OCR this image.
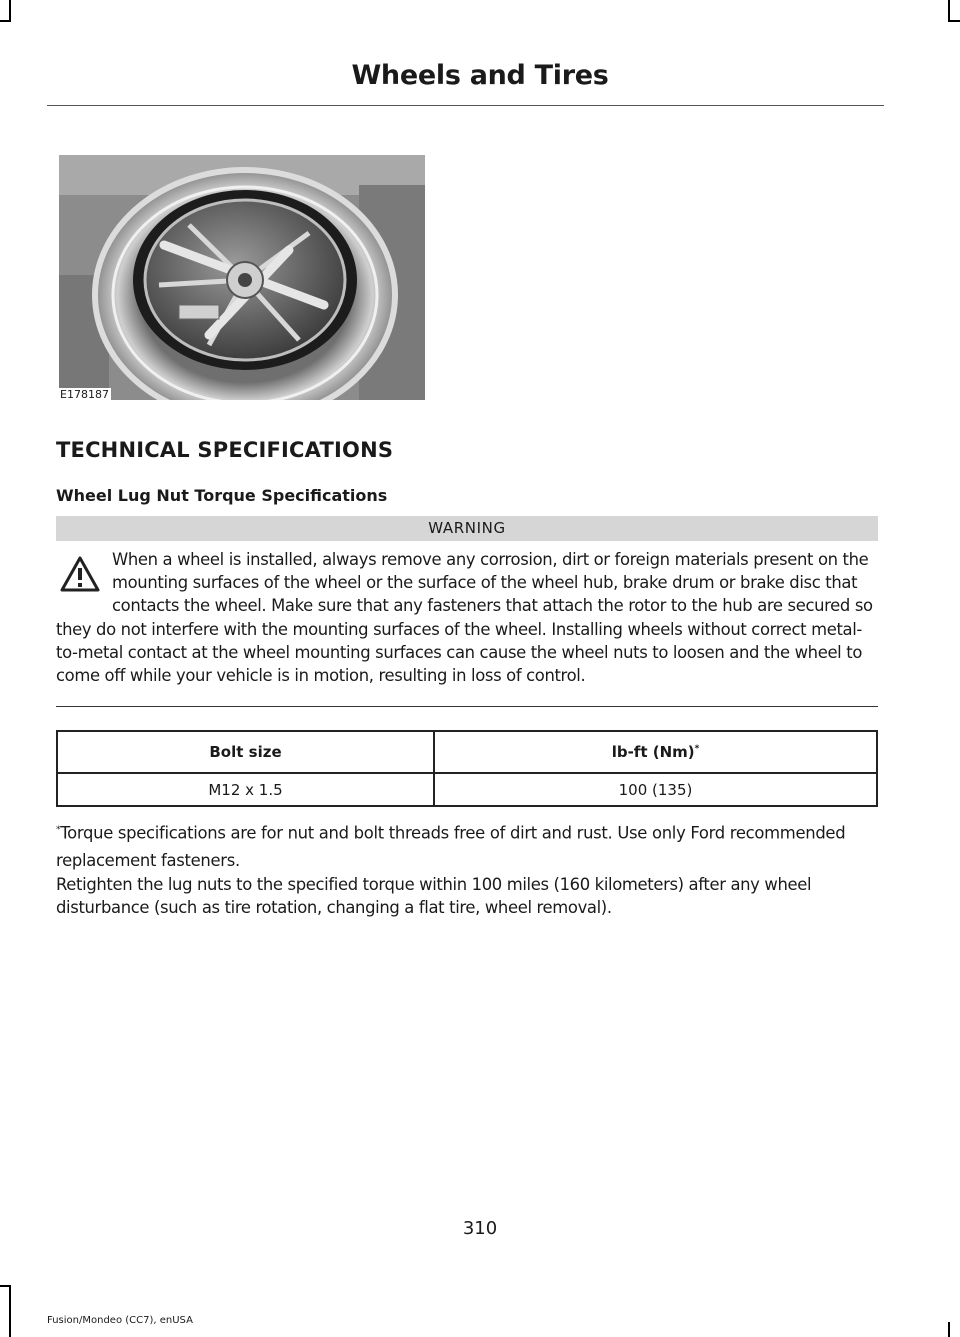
Wheels and Tires
E178187
TECHNICAL SPECIFICATIONS
Wheel Lug Nut Torque Specifications
WARNING
When a wheel is installed, always remove any corrosion, dirt or foreign materials present on the mounting surfaces of the wheel or the surface of the wheel hub, brake drum or brake disc that contacts the wheel. Make sure that any fasteners that attach the rotor to the hub are secured so they do not interfere with the mounting surfaces of the wheel. Installing wheels without correct metal-to-metal contact at the wheel mounting surfaces can cause the wheel nuts to loosen and the wheel to come off while your vehicle is in motion, resulting in loss of control.
Bolt size	lb-ft (Nm)*
M12 x 1.5	100 (135)
*Torque specifications are for nut and bolt threads free of dirt and rust. Use only Ford recommended replacement fasteners.
Retighten the lug nuts to the specified torque within 100 miles (160 kilometers) after any wheel disturbance (such as tire rotation, changing a flat tire, wheel removal).
310
Fusion/Mondeo (CC7), enUSA
